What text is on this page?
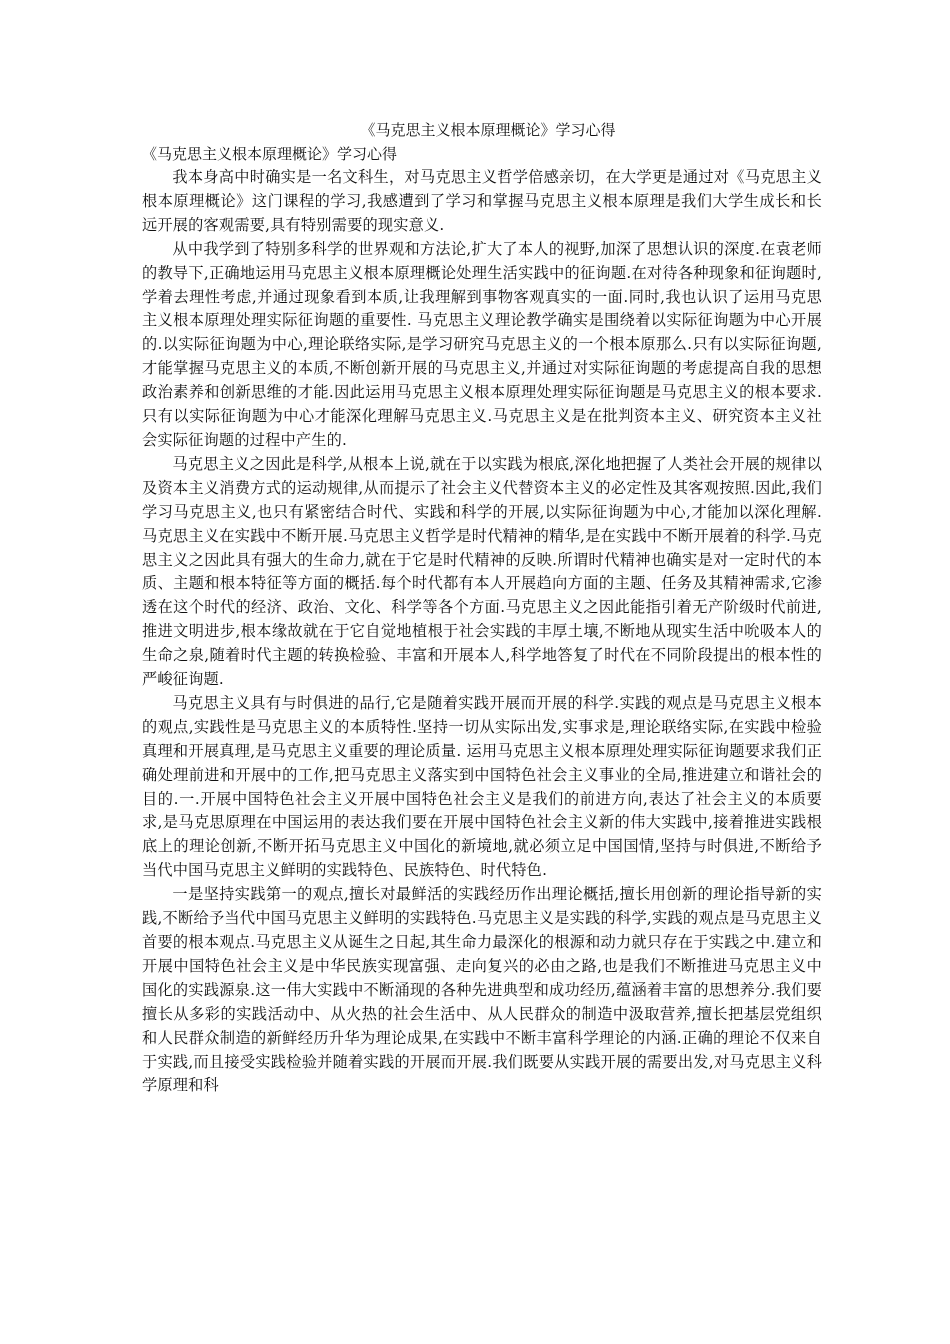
《马克思主义根本原理概论》学习心得
《马克思主义根本原理概论》学习心得

我本身高中时确实是一名文科生，对马克思主义哲学倍感亲切，在大学更是通过对《马克思主义根本原理概论》这门课程的学习,我感遭到了学习和掌握马克思主义根本原理是我们大学生成长和长远开展的客观需要,具有特别需要的现实意义.

从中我学到了特别多科学的世界观和方法论,扩大了本人的视野,加深了思想认识的深度.在袁老师的教导下,正确地运用马克思主义根本原理概论处理生活实践中的征询题.在对待各种现象和征询题时,学着去理性考虑,并通过现象看到本质,让我理解到事物客观真实的一面.同时,我也认识了运用马克思主义根本原理处理实际征询题的重要性. 马克思主义理论教学确实是围绕着以实际征询题为中心开展的.以实际征询题为中心,理论联络实际,是学习研究马克思主义的一个根本原那么.只有以实际征询题,才能掌握马克思主义的本质,不断创新开展的马克思主义,并通过对实际征询题的考虑提高自我的思想政治素养和创新思维的才能.因此运用马克思主义根本原理处理实际征询题是马克思主义的根本要求. 只有以实际征询题为中心才能深化理解马克思主义.马克思主义是在批判资本主义、研究资本主义社会实际征询题的过程中产生的.

马克思主义之因此是科学,从根本上说,就在于以实践为根底,深化地把握了人类社会开展的规律以及资本主义消费方式的运动规律,从而提示了社会主义代替资本主义的必定性及其客观按照.因此,我们学习马克思主义,也只有紧密结合时代、实践和科学的开展,以实际征询题为中心,才能加以深化理解. 马克思主义在实践中不断开展.马克思主义哲学是时代精神的精华,是在实践中不断开展着的科学.马克思主义之因此具有强大的生命力,就在于它是时代精神的反映.所谓时代精神也确实是对一定时代的本质、主题和根本特征等方面的概括.每个时代都有本人开展趋向方面的主题、任务及其精神需求,它渗透在这个时代的经济、政治、文化、科学等各个方面.马克思主义之因此能指引着无产阶级时代前进,推进文明进步,根本缘故就在于它自觉地植根于社会实践的丰厚土壤,不断地从现实生活中吮吸本人的生命之泉,随着时代主题的转换检验、丰富和开展本人,科学地答复了时代在不同阶段提出的根本性的严峻征询题.

马克思主义具有与时俱进的品行,它是随着实践开展而开展的科学.实践的观点是马克思主义根本的观点,实践性是马克思主义的本质特性.坚持一切从实际出发,实事求是,理论联络实际,在实践中检验真理和开展真理,是马克思主义重要的理论质量. 运用马克思主义根本原理处理实际征询题要求我们正确处理前进和开展中的工作,把马克思主义落实到中国特色社会主义事业的全局,推进建立和谐社会的目的.一.开展中国特色社会主义开展中国特色社会主义是我们的前进方向,表达了社会主义的本质要求,是马克思原理在中国运用的表达我们要在开展中国特色社会主义新的伟大实践中,接着推进实践根底上的理论创新,不断开拓马克思主义中国化的新境地,就必须立足中国国情,坚持与时俱进,不断给予当代中国马克思主义鲜明的实践特色、民族特色、时代特色.

一是坚持实践第一的观点,擅长对最鲜活的实践经历作出理论概括,擅长用创新的理论指导新的实践,不断给予当代中国马克思主义鲜明的实践特色.马克思主义是实践的科学,实践的观点是马克思主义首要的根本观点.马克思主义从诞生之日起,其生命力最深化的根源和动力就只存在于实践之中.建立和开展中国特色社会主义是中华民族实现富强、走向复兴的必由之路,也是我们不断推进马克思主义中国化的实践源泉.这一伟大实践中不断涌现的各种先进典型和成功经历,蕴涵着丰富的思想养分.我们要擅长从多彩的实践活动中、从火热的社会生活中、从人民群众的制造中汲取营养,擅长把基层党组织和人民群众制造的新鲜经历升华为理论成果,在实践中不断丰富科学理论的内涵.正确的理论不仅来自于实践,而且接受实践检验并随着实践的开展而开展.我们既要从实践开展的需要出发,对马克思主义科学原理和科
